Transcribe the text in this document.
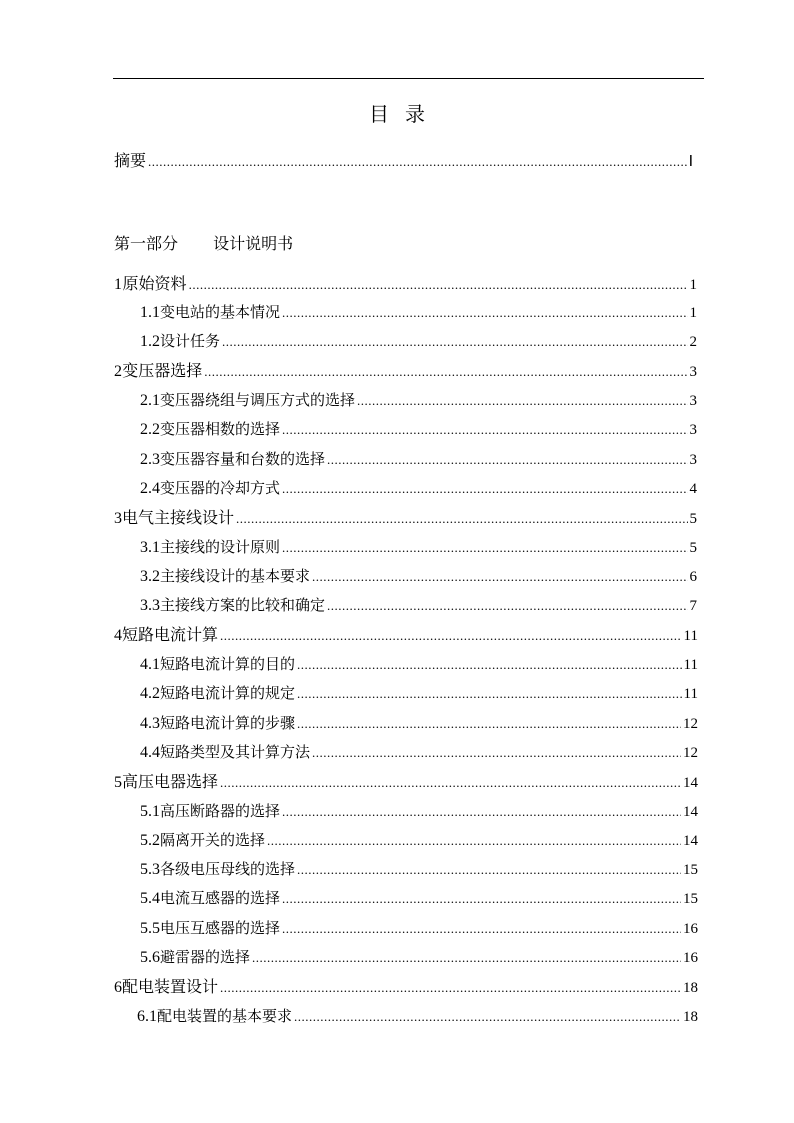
目录
摘要 .....	Ⅰ
第一部分 设计说明书
1 原始资料 .....	1
1.1 变电站的基本情况 .....	1
1.2 设计任务 .....	2
2 变压器选择 .....	3
2.1 变压器绕组与调压方式的选择 .....	3
2.2 变压器相数的选择 .....	3
2.3 变压器容量和台数的选择 .....	3
2.4 变压器的冷却方式 .....	4
3 电气主接线设计 .....	5
3.1 主接线的设计原则 .....	5
3.2 主接线设计的基本要求 .....	6
3.3 主接线方案的比较和确定 .....	7
4 短路电流计算 .....	11
4.1 短路电流计算的目的 .....	11
4.2 短路电流计算的规定 .....	11
4.3 短路电流计算的步骤 .....	12
4.4 短路类型及其计算方法 .....	12
5 高压电器选择 .....	14
5.1 高压断路器的选择 .....	14
5.2 隔离开关的选择 .....	14
5.3 各级电压母线的选择 .....	15
5.4 电流互感器的选择 .....	15
5.5 电压互感器的选择 .....	16
5.6 避雷器的选择 .....	16
6 配电装置设计 .....	18
6.1 配电装置的基本要求 .....	18
